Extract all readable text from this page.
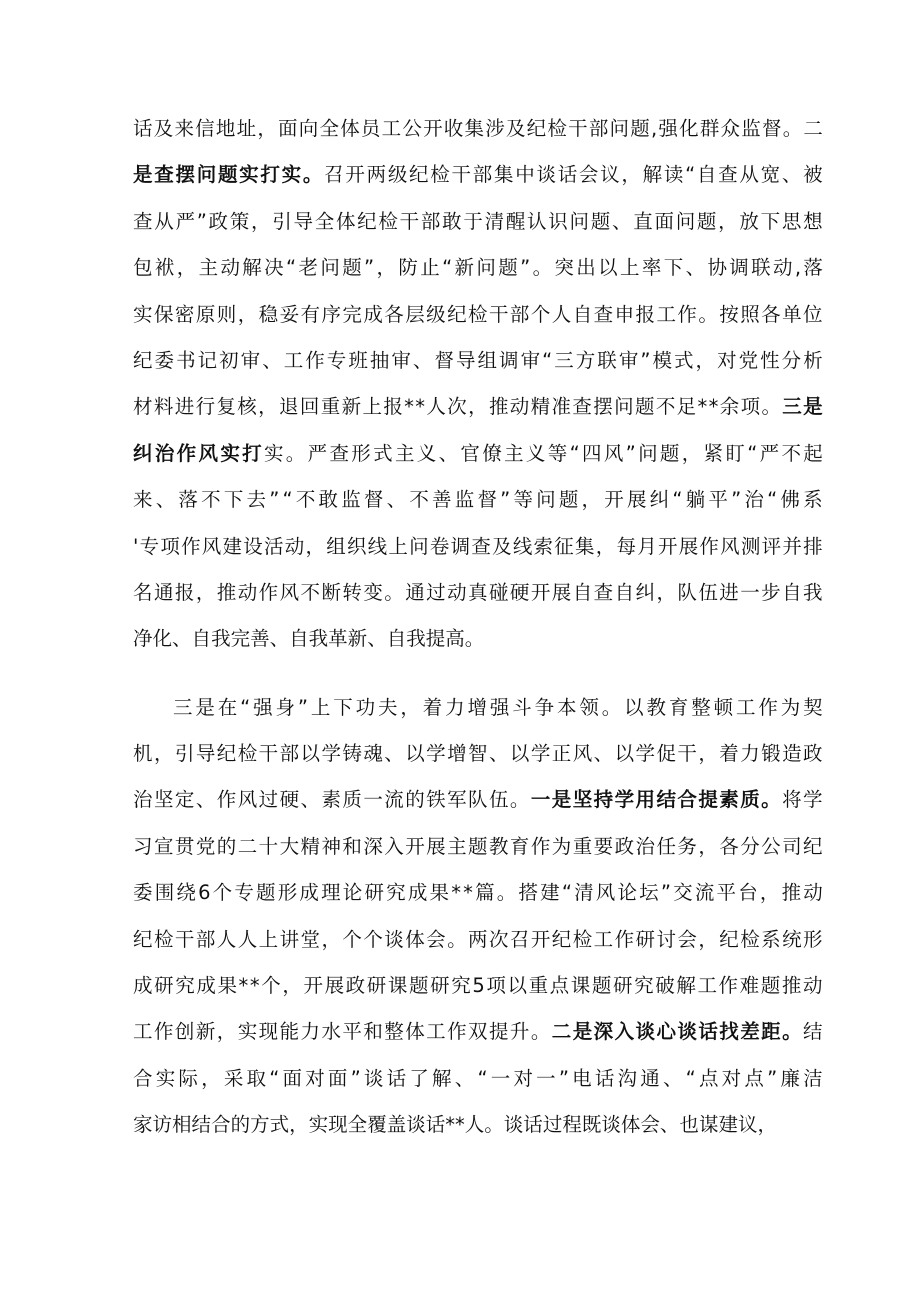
话 及 来 信 地 址 ， 面 向 全 体 员 工 公 开 收 集 涉 及 纪 检 干 部 问 题 , 强 化 群 众 监 督 。 二
是 查 摆 问 题 实 打 实 。 召 开 两 级 纪 检 干 部 集 中 谈 话 会 议 ， 解 读 “ 自 查 从 宽 、 被
查 从 严 ” 政 策 ， 引 导 全 体 纪 检 干 部 敢 于 清 醒 认 识 问 题 、 直 面 问 题 ， 放 下 思 想
包 袱 ， 主 动 解 决 “ 老 问 题 ” ， 防 止 “ 新 问 题 ” 。 突 出 以 上 率 下 、 协 调 联 动 , 落
实 保 密 原 则 ， 稳 妥 有 序 完 成 各 层 级 纪 检 干 部 个 人 自 查 申 报 工 作 。 按 照 各 单 位
纪 委 书 记 初 审 、 工 作 专 班 抽 审 、 督 导 组 调 审 “ 三 方 联 审 ” 模 式 ， 对 党 性 分 析
材 料 进 行 复 核 ， 退 回 重 新 上 报 * * 人 次 ， 推 动 精 准 查 摆 问 题 不 足 * * 余 项 。 三 是
纠 治 作 风 实 打 实 。 严 查 形 式 主 义 、 官 僚 主 义 等 “ 四 风 ” 问 题 ， 紧 盯 “ 严 不 起
来 、 落 不 下 去 ” “ 不 敢 监 督 、 不 善 监 督 ” 等 问 题 ， 开 展 纠 “ 躺 平 ” 治 “ 佛 系
' 专 项 作 风 建 设 活 动 ， 组 织 线 上 问 卷 调 查 及 线 索 征 集 ， 每 月 开 展 作 风 测 评 并 排
名 通 报 ， 推 动 作 风 不 断 转 变 。 通 过 动 真 碰 硬 开 展 自 查 自 纠 ， 队 伍 进 一 步 自 我
净 化 、 自 我 完 善 、 自 我 革 新 、 自 我 提 高 。
三 是 在 “ 强 身 ” 上 下 功 夫 ， 着 力 增 强 斗 争 本 领 。 以 教 育 整 顿 工 作 为 契
机 ， 引 导 纪 检 干 部 以 学 铸 魂 、 以 学 增 智 、 以 学 正 风 、 以 学 促 干 ， 着 力 锻 造 政
治 坚 定 、 作 风 过 硬 、 素 质 一 流 的 铁 军 队 伍 。 一 是 坚 持 学 用 结 合 提 素 质 。 将 学
习 宣 贯 党 的 二 十 大 精 神 和 深 入 开 展 主 题 教 育 作 为 重 要 政 治 任 务 ， 各 分 公 司 纪
委 围 绕 6 个 专 题 形 成 理 论 研 究 成 果 * * 篇 。 搭 建 “ 清 风 论 坛 ” 交 流 平 台 ， 推 动
纪 检 干 部 人 人 上 讲 堂 ， 个 个 谈 体 会 。 两 次 召 开 纪 检 工 作 研 讨 会 ， 纪 检 系 统 形
成 研 究 成 果 * * 个 ， 开 展 政 研 课 题 研 究 5 项 以 重 点 课 题 研 究 破 解 工 作 难 题 推 动
工 作 创 新 ， 实 现 能 力 水 平 和 整 体 工 作 双 提 升 。 二 是 深 入 谈 心 谈 话 找 差 距 。 结
合 实 际 ， 采 取 “ 面 对 面 ” 谈 话 了 解 、 “ 一 对 一 ” 电 话 沟 通 、 “ 点 对 点 ” 廉 洁
家 访 相 结 合 的 方 式 ， 实 现 全 覆 盖 谈 话 * * 人 。 谈 话 过 程 既 谈 体 会 、 也 谋 建 议 ，
